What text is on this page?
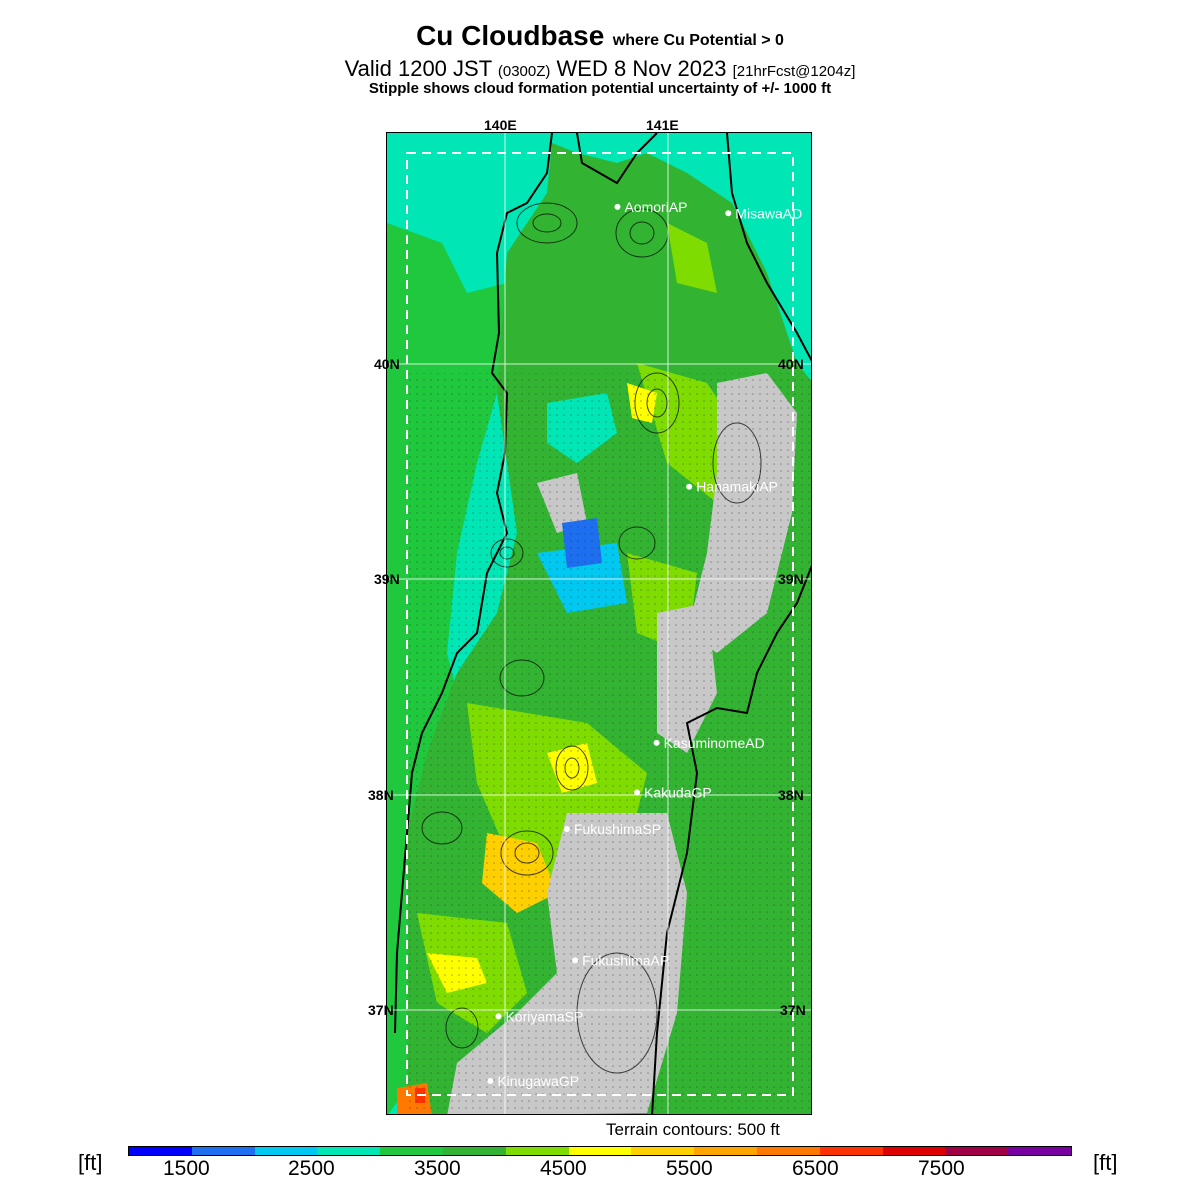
Cu Cloudbase where Cu Potential > 0
Valid 1200 JST (0300Z) WED 8 Nov 2023 [21hrFcst@1204z]
Stipple shows cloud formation potential uncertainty of +/- 1000 ft
140E	141E
AomoriAP	MisawaAD
HanamakiAP
KasuminomeAD
KakudaGP
FukushimaSP
FukushimaAP
KoriyamaSP
KinugawaGP
40N
39N
38N
37N
40N
39N
38N
37N
Terrain contours: 500 ft
[ft]	[ft]
1500	2500	3500	4500	5500	6500	7500
